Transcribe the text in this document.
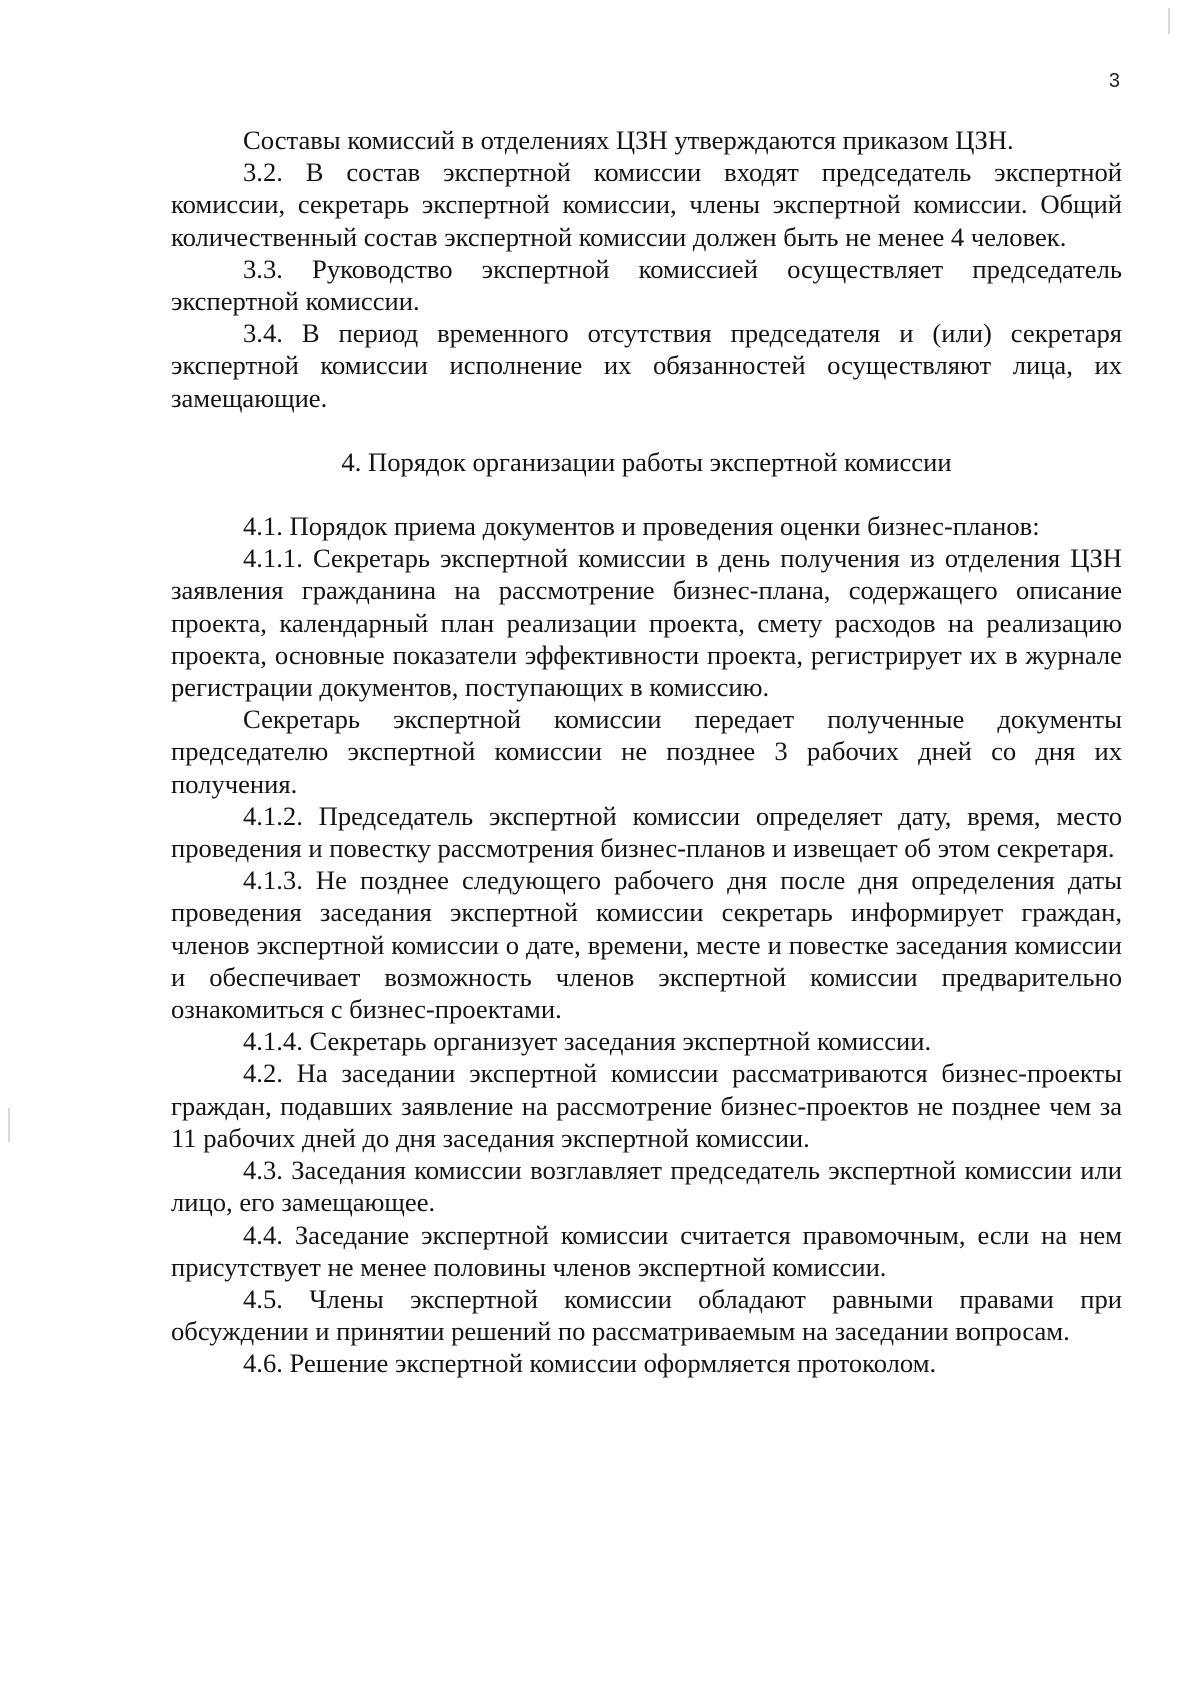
3

Составы комиссий в отделениях ЦЗН утверждаются приказом ЦЗН.

3.2. В состав экспертной комиссии входят председатель экспертной комиссии, секретарь экспертной комиссии, члены экспертной комиссии. Общий количественный состав экспертной комиссии должен быть не менее 4 человек.

3.3. Руководство экспертной комиссией осуществляет председатель экспертной комиссии.

3.4. В период временного отсутствия председателя и (или) секретаря экспертной комиссии исполнение их обязанностей осуществляют лица, их замещающие.

4. Порядок организации работы экспертной комиссии

4.1. Порядок приема документов и проведения оценки бизнес-планов:

4.1.1. Секретарь экспертной комиссии в день получения из отделения ЦЗН заявления гражданина на рассмотрение бизнес-плана, содержащего описание проекта, календарный план реализации проекта, смету расходов на реализацию проекта, основные показатели эффективности проекта, регистрирует их в журнале регистрации документов, поступающих в комиссию.

Секретарь экспертной комиссии передает полученные документы председателю экспертной комиссии не позднее 3 рабочих дней со дня их получения.

4.1.2. Председатель экспертной комиссии определяет дату, время, место проведения и повестку рассмотрения бизнес-планов и извещает об этом секретаря.

4.1.3. Не позднее следующего рабочего дня после дня определения даты проведения заседания экспертной комиссии секретарь информирует граждан, членов экспертной комиссии о дате, времени, месте и повестке заседания комиссии и обеспечивает возможность членов экспертной комиссии предварительно ознакомиться с бизнес-проектами.

4.1.4. Секретарь организует заседания экспертной комиссии.

4.2. На заседании экспертной комиссии рассматриваются бизнес-проекты граждан, подавших заявление на рассмотрение бизнес-проектов не позднее чем за 11 рабочих дней до дня заседания экспертной комиссии.

4.3. Заседания комиссии возглавляет председатель экспертной комиссии или лицо, его замещающее.

4.4. Заседание экспертной комиссии считается правомочным, если на нем присутствует не менее половины членов экспертной комиссии.

4.5. Члены экспертной комиссии обладают равными правами при обсуждении и принятии решений по рассматриваемым на заседании вопросам.

4.6. Решение экспертной комиссии оформляется протоколом.
